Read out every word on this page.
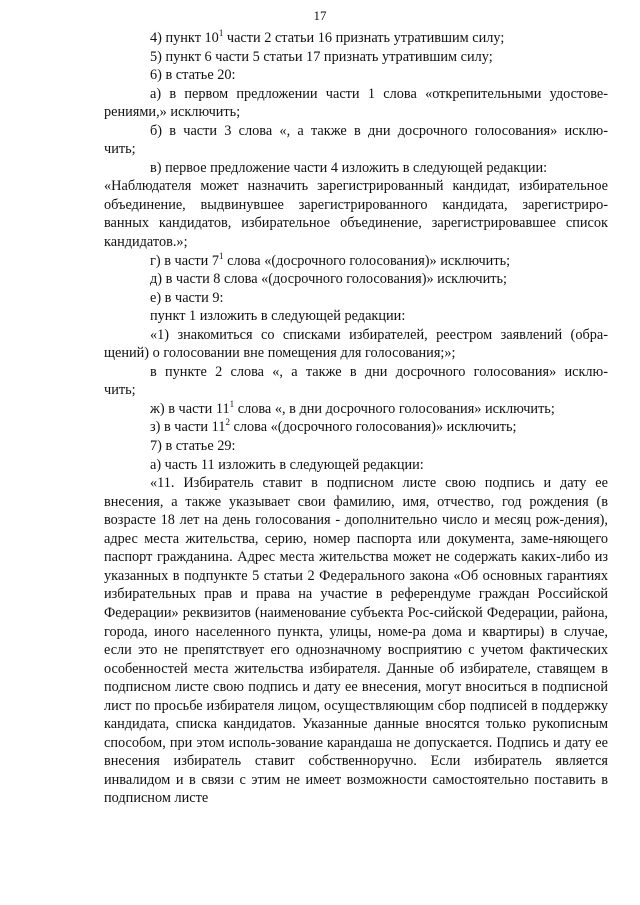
17

4) пункт $10^1$ части 2 статьи 16 признать утратившим силу;

5) пункт 6 части 5 статьи 17 признать утратившим силу;

6) в статье 20:

а) в первом предложении части 1 слова «открепительными удостове-

рениями,» исключить;

б) в части 3 слова «, а также в дни досрочного голосования» исклю-

чить;

в) первое предложение части 4 изложить в следующей редакции:

«Наблюдателя может назначить зарегистрированный кандидат, избирательное объединение, выдвинувшее зарегистрированного кандидата, зарегистриро-ванных кандидатов, избирательное объединение, зарегистрировавшее список кандидатов.»;

г) в части $7^1$ слова «(досрочного голосования)» исключить;

д) в части 8 слова «(досрочного голосования)» исключить;

е) в части 9:

пункт 1 изложить в следующей редакции:

«1) знакомиться со списками избирателей, реестром заявлений (обра-щений) о голосовании вне помещения для голосования;»;

в пункте 2 слова «, а также в дни досрочного голосования» исклю-

чить;

ж) в части $11^1$ слова «, в дни досрочного голосования» исключить;

з) в части $11^2$ слова «(досрочного голосования)» исключить;

7) в статье 29:

а) часть 11 изложить в следующей редакции:

«11. Избиратель ставит в подписном листе свою подпись и дату ее внесения, а также указывает свои фамилию, имя, отчество, год рождения (в возрасте 18 лет на день голосования - дополнительно число и месяц рож-дения), адрес места жительства, серию, номер паспорта или документа, заме-няющего паспорт гражданина. Адрес места жительства может не содержать каких-либо из указанных в подпункте 5 статьи 2 Федерального закона «Об основных гарантиях избирательных прав и права на участие в референдуме граждан Российской Федерации» реквизитов (наименование субъекта Рос-сийской Федерации, района, города, иного населенного пункта, улицы, номе-ра дома и квартиры) в случае, если это не препятствует его однозначному восприятию с учетом фактических особенностей места жительства избирателя. Данные об избирателе, ставящем в подписном листе свою подпись и дату ее внесения, могут вноситься в подписной лист по просьбе избирателя лицом, осуществляющим сбор подписей в поддержку кандидата, списка кандидатов. Указанные данные вносятся только рукописным способом, при этом исполь-зование карандаша не допускается. Подпись и дату ее внесения избиратель ставит собственноручно. Если избиратель является инвалидом и в связи с этим не имеет возможности самостоятельно поставить в подписном листе
